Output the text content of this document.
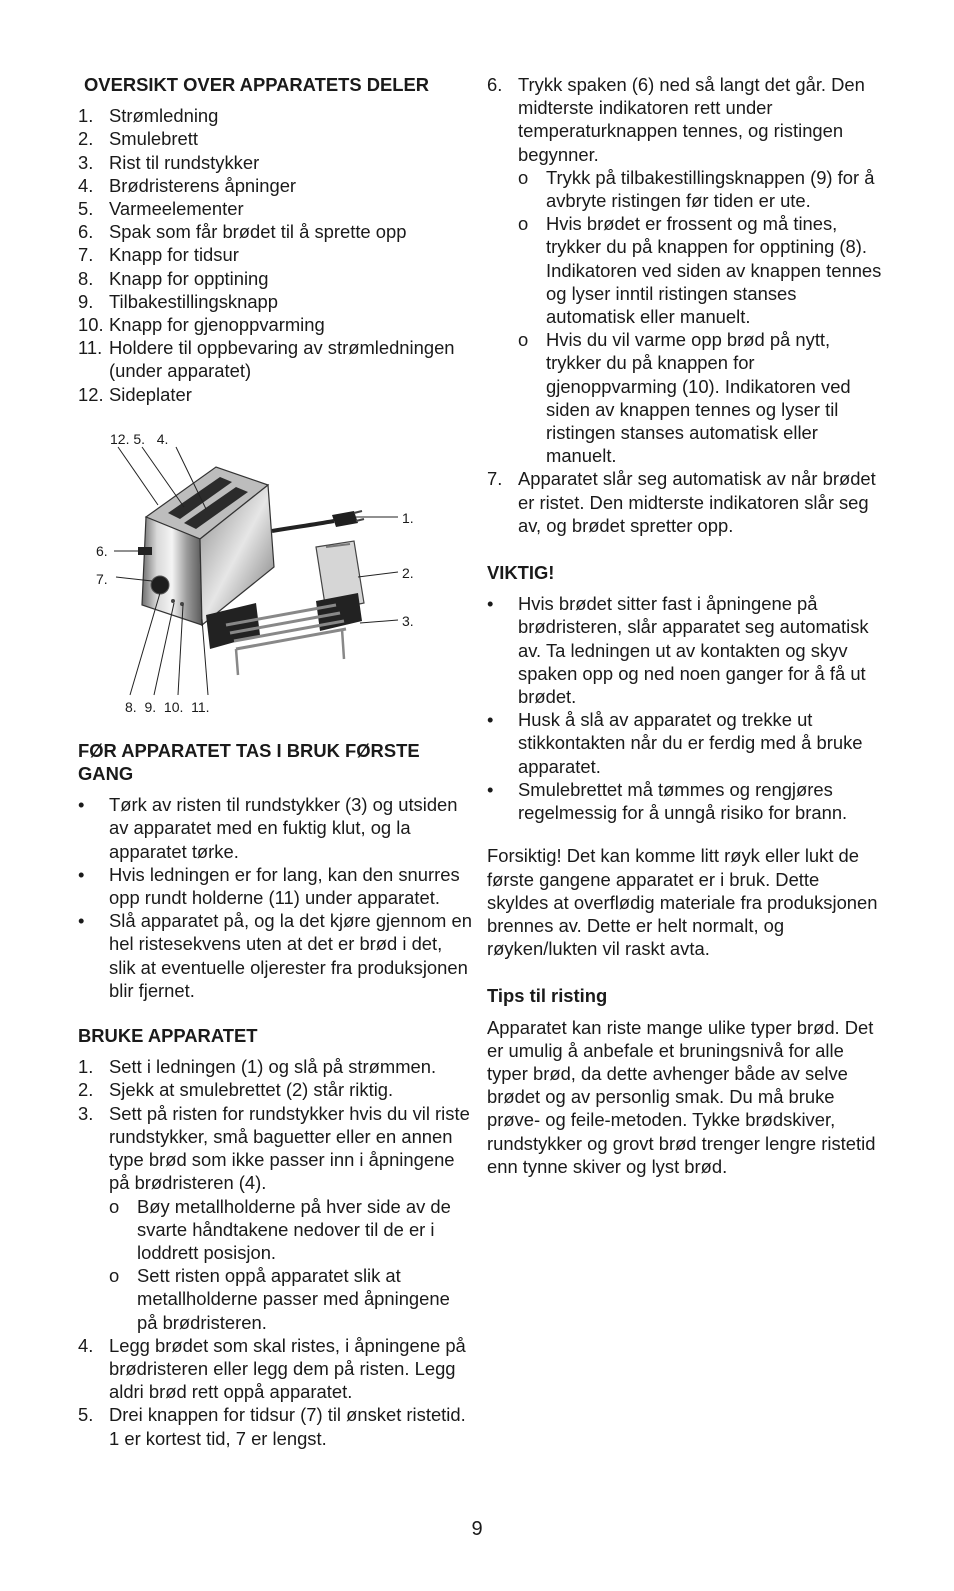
OVERSIKT OVER APPARATETS DELER
1. Strømledning
2. Smulebrett
3. Rist til rundstykker
4. Brødristerens åpninger
5. Varmeelementer
6. Spak som får brødet til å sprette opp
7. Knapp for tidsur
8. Knapp for opptining
9. Tilbakestillingsknapp
10. Knapp for gjenoppvarming
11. Holdere til oppbevaring av strømledningen (under apparatet)
12. Sideplater
12. 5.   4.
1.
2.
3.
6.
7.
8.  9.  10.  11.
FØR APPARATET TAS I BRUK FØRSTE GANG
•	Tørk av risten til rundstykker (3) og utsiden av apparatet med en fuktig klut, og la apparatet tørke.
•	Hvis ledningen er for lang, kan den snurres opp rundt holderne (11) under apparatet.
•	Slå apparatet på, og la det kjøre gjennom en hel ristesekvens uten at det er brød i det, slik at eventuelle oljerester fra produksjonen blir fjernet.
BRUKE APPARATET
1. Sett i ledningen (1) og slå på strømmen.
2. Sjekk at smulebrettet (2) står riktig.
3. Sett på risten for rundstykker hvis du vil riste rundstykker, små baguetter eller en annen type brød som ikke passer inn i åpningene på brødristeren (4).
o Bøy metallholderne på hver side av de svarte håndtakene nedover til de er i loddrett posisjon.
o Sett risten oppå apparatet slik at metallholderne passer med åpningene på brødristeren.
4. Legg brødet som skal ristes, i åpningene på brødristeren eller legg dem på risten. Legg aldri brød rett oppå apparatet.
5. Drei knappen for tidsur (7) til ønsket ristetid. 1 er kortest tid, 7 er lengst.
6. Trykk spaken (6) ned så langt det går. Den midterste indikatoren rett under temperaturknappen tennes, og ristingen begynner.
o Trykk på tilbakestillingsknappen (9) for å avbryte ristingen før tiden er ute.
o Hvis brødet er frossent og må tines, trykker du på knappen for opptining (8). Indikatoren ved siden av knappen tennes og lyser inntil ristingen stanses automatisk eller manuelt.
o Hvis du vil varme opp brød på nytt, trykker du på knappen for gjenoppvarming (10). Indikatoren ved siden av knappen tennes og lyser til ristingen stanses automatisk eller manuelt.
7. Apparatet slår seg automatisk av når brødet er ristet. Den midterste indikatoren slår seg av, og brødet spretter opp.
VIKTIG!
•	Hvis brødet sitter fast i åpningene på brødristeren, slår apparatet seg automatisk av. Ta ledningen ut av kontakten og skyv spaken opp og ned noen ganger for å få ut brødet.
•	Husk å slå av apparatet og trekke ut stikkontakten når du er ferdig med å bruke apparatet.
•	Smulebrettet må tømmes og rengjøres regelmessig for å unngå risiko for brann.

Forsiktig! Det kan komme litt røyk eller lukt de første gangene apparatet er i bruk. Dette skyldes at overflødig materiale fra produksjonen brennes av. Dette er helt normalt, og røyken/lukten vil raskt avta.

Tips til risting

Apparatet kan riste mange ulike typer brød. Det er umulig å anbefale et bruningsnivå for alle typer brød, da dette avhenger både av selve brødet og av personlig smak. Du må bruke prøve- og feile-metoden. Tykke brødskiver, rundstykker og grovt brød trenger lengre ristetid enn tynne skiver og lyst brød.

9
